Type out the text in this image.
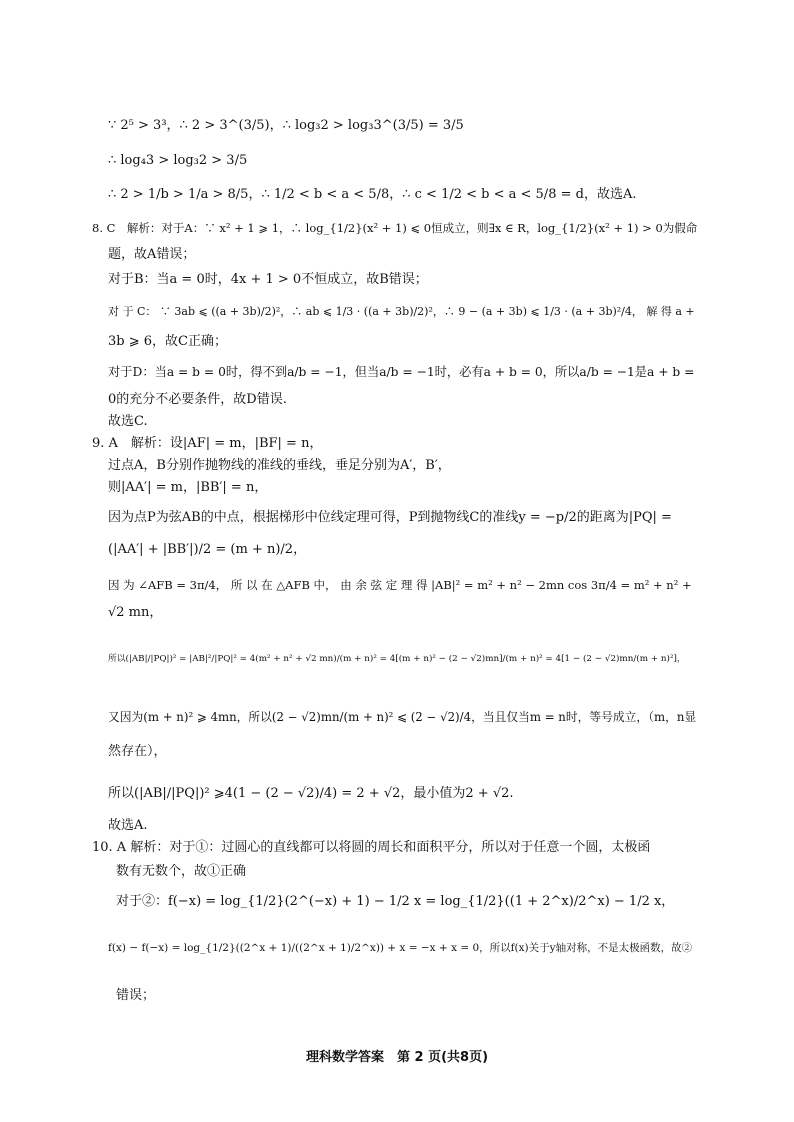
∵ 2⁵ > 3³，∴ 2 > 3^(3/5)，∴ log₃2 > log₃3^(3/5) = 3/5
∴ log₄3 > log₃2 > 3/5
∴ 2 > 1/b > 1/a > 8/5，∴ 1/2 < b < a < 5/8，∴ c < 1/2 < b < a < 5/8 = d，故选A.
8. C　解析：对于A：∵ x² + 1 ⩾ 1，∴ log_{1/2}(x² + 1) ⩽ 0恒成立，则∃x ∈ R，log_{1/2}(x² + 1) > 0为假命
题，故A错误；
对于B：当a = 0时，4x + 1 > 0不恒成立，故B错误；
对 于 C： ∵ 3ab ⩽ ((a + 3b)/2)²，∴ ab ⩽ 1/3 · ((a + 3b)/2)²，∴ 9 − (a + 3b) ⩽ 1/3 · (a + 3b)²/4， 解 得 a +
3b ⩾ 6，故C正确；
对于D：当a = b = 0时，得不到a/b = −1，但当a/b = −1时，必有a + b = 0，所以a/b = −1是a + b =
0的充分不必要条件，故D错误.
故选C.
9. A　解析：设|AF| = m，|BF| = n，
过点A，B分别作抛物线的准线的垂线，垂足分别为A′，B′，
则|AA′| = m，|BB′| = n，
因为点P为弦AB的中点，根据梯形中位线定理可得，P到抛物线C的准线y = −p/2的距离为|PQ| =
(|AA′| + |BB′|)/2 = (m + n)/2，
因 为 ∠AFB = 3π/4， 所 以 在 △AFB 中， 由 余 弦 定 理 得 |AB|² = m² + n² − 2mn cos 3π/4 = m² + n² +
√2 mn，
所以(|AB|/|PQ|)² = |AB|²/|PQ|² = 4(m² + n² + √2 mn)/(m + n)² = 4[(m + n)² − (2 − √2)mn]/(m + n)² = 4[1 − (2 − √2)mn/(m + n)²]，
又因为(m + n)² ⩾ 4mn，所以(2 − √2)mn/(m + n)² ⩽ (2 − √2)/4，当且仅当m = n时，等号成立，（m，n显
然存在），
所以(|AB|/|PQ|)² ⩾4(1 − (2 − √2)/4) = 2 + √2，最小值为2 + √2.
故选A.
10. A 解析：对于①：过圆心的直线都可以将圆的周长和面积平分，所以对于任意一个圆，太极函
数有无数个，故①正确
对于②：f(−x) = log_{1/2}(2^(−x) + 1) − 1/2 x = log_{1/2}((1 + 2^x)/2^x) − 1/2 x，
f(x) − f(−x) = log_{1/2}((2^x + 1)/((2^x + 1)/2^x)) + x = −x + x = 0，所以f(x)关于y轴对称，不是太极函数，故②
错误；
理科数学答案　第 2 页(共8页)
